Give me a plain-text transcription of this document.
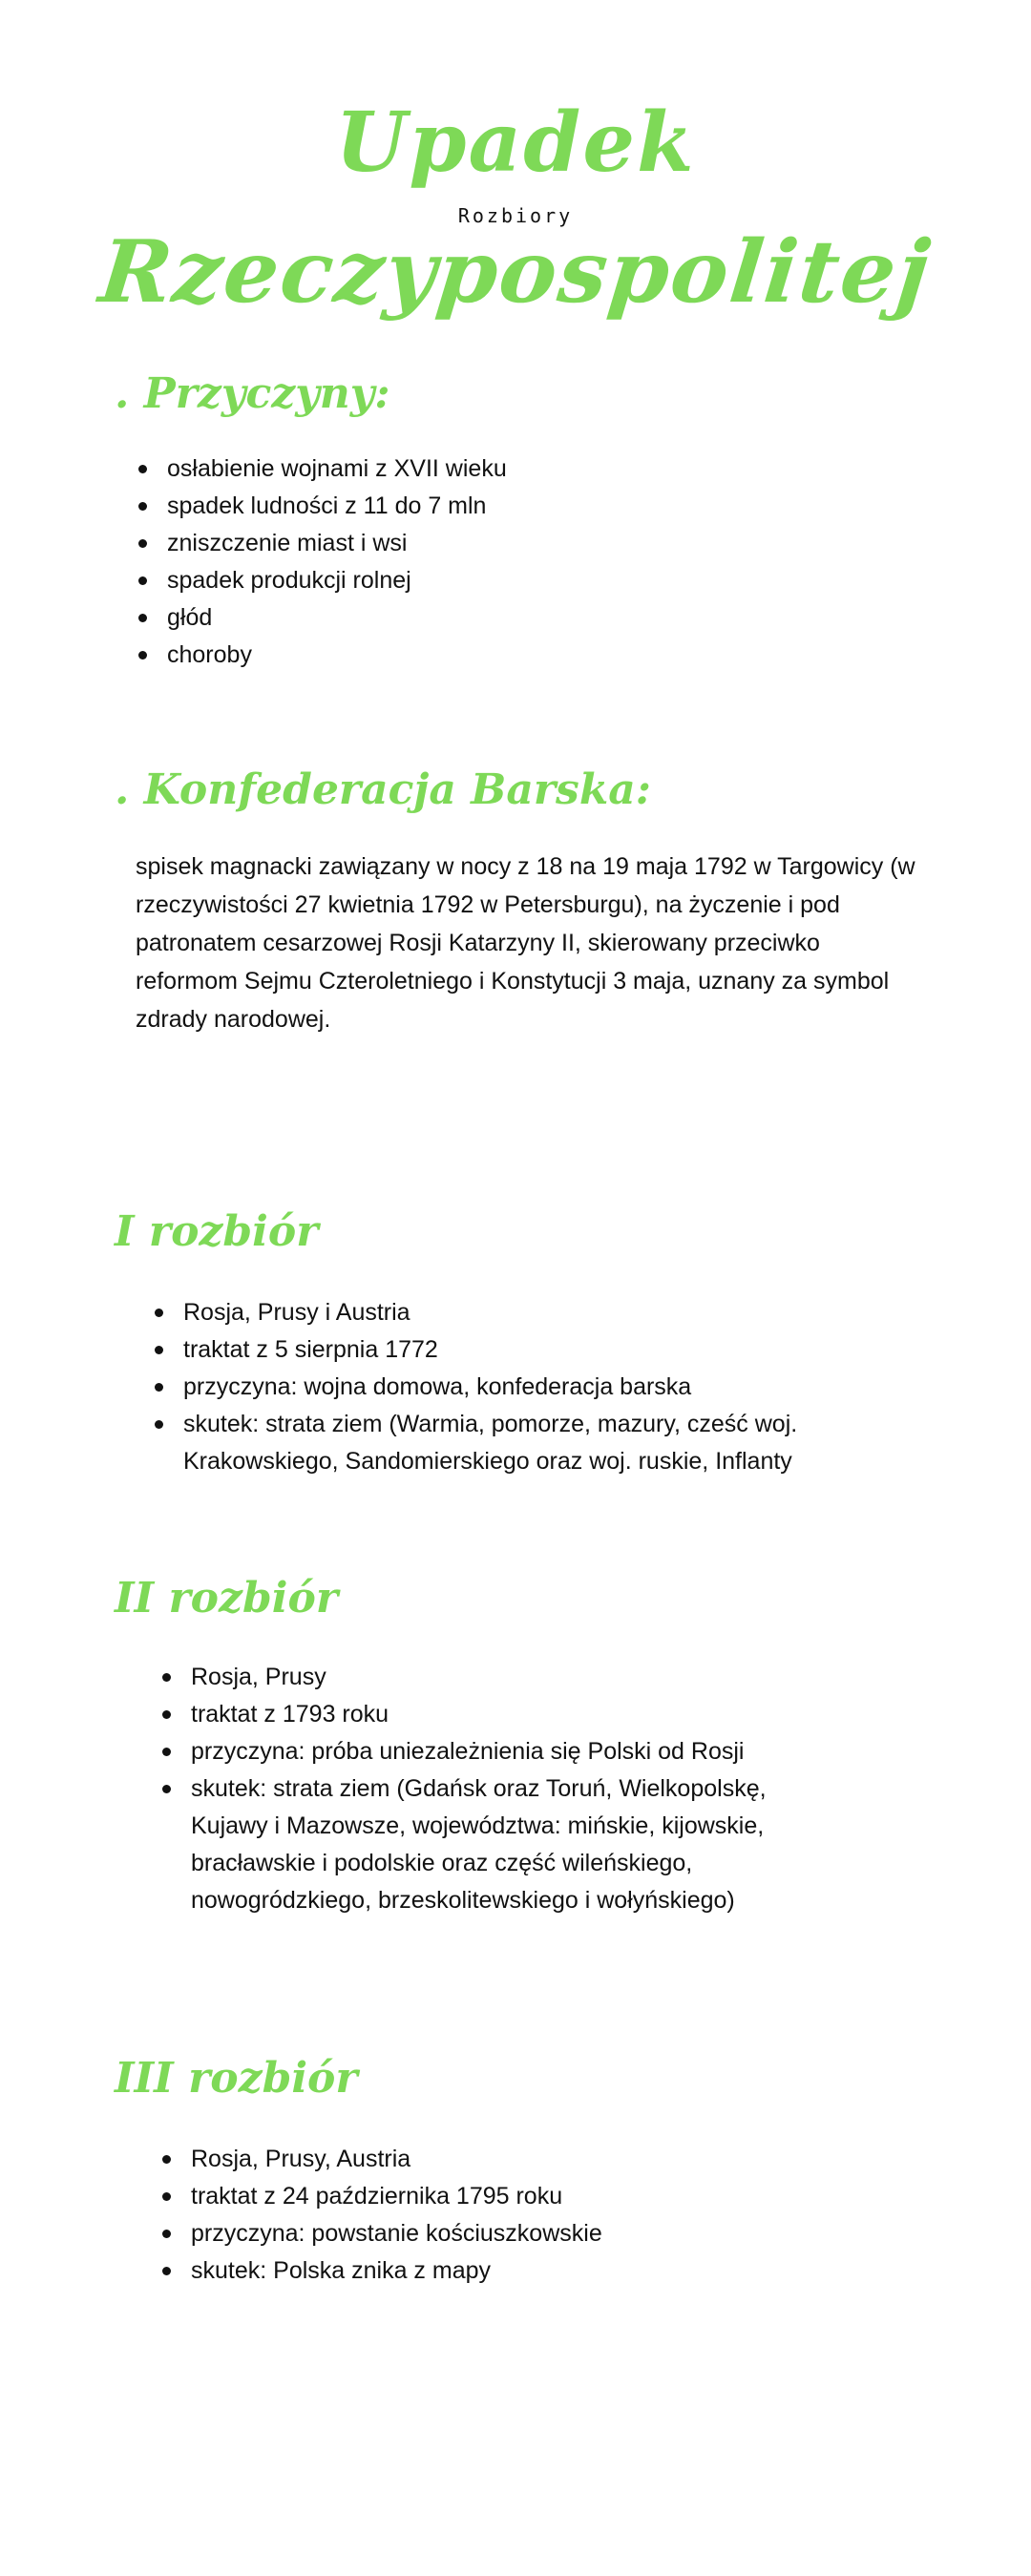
Upadek
Rozbiory
Rzeczypospolitej
. Przyczyny:
osłabienie wojnami z XVII wieku
spadek ludności z 11 do 7 mln
zniszczenie miast i wsi
spadek produkcji rolnej
głód
choroby
. Konfederacja Barska:

spisek magnacki zawiązany w nocy z 18 na 19 maja 1792 w Targowicy (w rzeczywistości 27 kwietnia 1792 w Petersburgu), na życzenie i pod patronatem cesarzowej Rosji Katarzyny II, skierowany przeciwko reformom Sejmu Czteroletniego i Konstytucji 3 maja, uznany za symbol zdrady narodowej.

I rozbiór
Rosja, Prusy i Austria
traktat z 5 sierpnia 1772
przyczyna: wojna domowa, konfederacja barska
skutek: strata ziem (Warmia, pomorze, mazury, cześć woj. Krakowskiego, Sandomierskiego oraz woj. ruskie, Inflanty
II rozbiór
Rosja, Prusy
traktat z 1793 roku
przyczyna: próba uniezależnienia się Polski od Rosji
skutek: strata ziem (Gdańsk oraz Toruń, Wielkopolskę, Kujawy i Mazowsze, województwa: mińskie, kijowskie, bracławskie i podolskie oraz część wileńskiego, nowogródzkiego, brzeskolitewskiego i wołyńskiego)
III rozbiór
Rosja, Prusy, Austria
traktat z 24 października 1795 roku
przyczyna: powstanie kościuszkowskie
skutek: Polska znika z mapy
